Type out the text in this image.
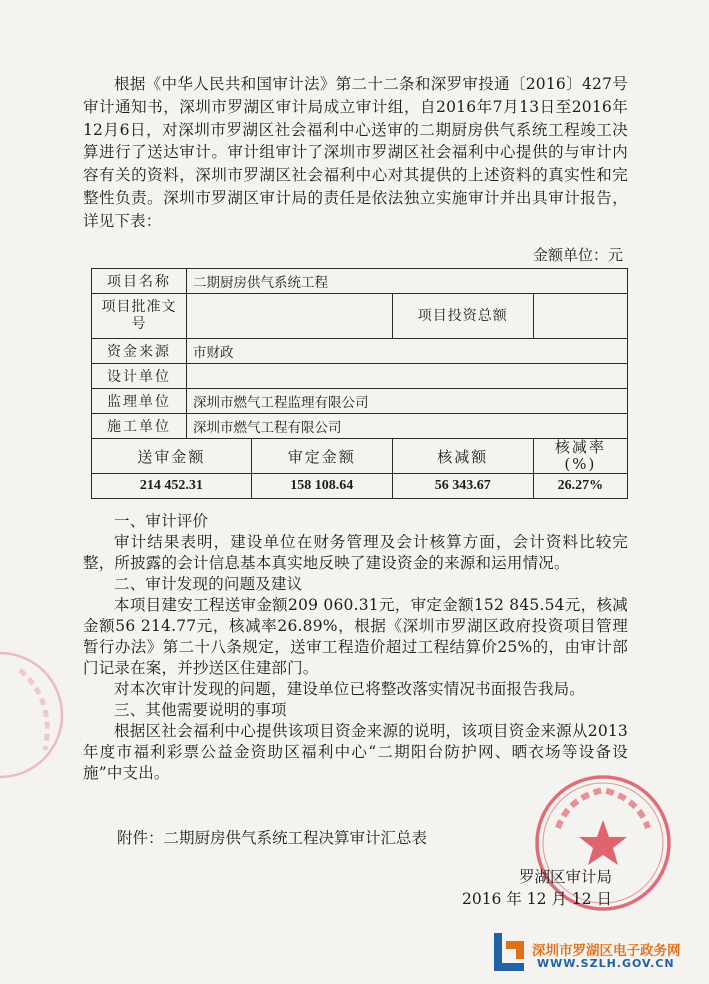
根据《中华人民共和国审计法》第二十二条和深罗审投通〔2016〕427号审计通知书，深圳市罗湖区审计局成立审计组，自2016年7月13日至2016年12月6日，对深圳市罗湖区社会福利中心送审的二期厨房供气系统工程竣工决算进行了送达审计。审计组审计了深圳市罗湖区社会福利中心提供的与审计内容有关的资料，深圳市罗湖区社会福利中心对其提供的上述资料的真实性和完整性负责。深圳市罗湖区审计局的责任是依法独立实施审计并出具审计报告，详见下表：

金额单位：元
项目名称	二期厨房供气系统工程			
项目批准文号			项目投资总额	
资金来源	市财政			
设计单位				
监理单位	深圳市燃气工程监理有限公司			
施工单位	深圳市燃气工程有限公司			
送审金额		审定金额	核减额	核减率(%)
214 452.31		158 108.64	56 343.67	26.27%

一、审计评价

审计结果表明，建设单位在财务管理及会计核算方面，会计资料比较完整，所披露的会计信息基本真实地反映了建设资金的来源和运用情况。

二、审计发现的问题及建议

本项目建安工程送审金额209 060.31元，审定金额152 845.54元，核减金额56 214.77元，核减率26.89%，根据《深圳市罗湖区政府投资项目管理暂行办法》第二十八条规定，送审工程造价超过工程结算价25%的，由审计部门记录在案，并抄送区住建部门。

对本次审计发现的问题，建设单位已将整改落实情况书面报告我局。

三、其他需要说明的事项

根据区社会福利中心提供该项目资金来源的说明，该项目资金来源从2013年度市福利彩票公益金资助区福利中心“二期阳台防护网、晒衣场等设备设施”中支出。

附件：二期厨房供气系统工程决算审计汇总表
罗湖区审计局
2016 年 12 月 12 日
深圳市罗湖区电子政务网
WWW.SZLH.GOV.CN
